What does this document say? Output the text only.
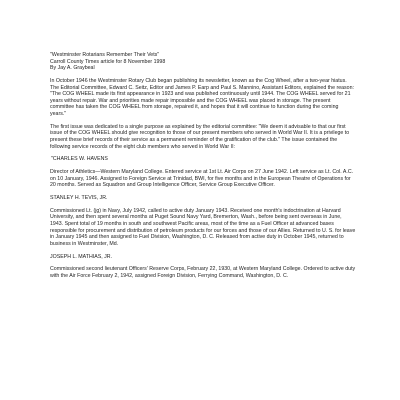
"Westminster Rotarians Remember Their Vets"

Carroll County Times article for 8 November 1998

By Jay A. Graybeal

In October 1946 the Westminster Rotary Club began publishing its newsletter, known as the Cog Wheel, after a two-year hiatus. The Editorial Committee, Edward C. Seitz, Editor and James P. Earp and Paul S. Mannino, Assistant Editors, explained the reason: "The COG WHEEL made its first appearance in 1923 and was published continuously until 1944. The COG WHEEL served for 21 years without repair. War and priorities made repair impossible and the COG WHEEL was placed in storage. The present committee has taken the COG WHEEL from storage, repaired it, and hopes that it will continue to function during the coming years."

The first issue was dedicated to a single purpose as explained by the editorial committee: "We deem it advisable to that our first issue of the COG WHEEL should give recognition to those of our present members who served in World War II. It is a privilege to present these brief records of their service as a permanent reminder of the gratification of the club." The issue contained the following service records of the eight club members who served in World War II:

"CHARLES W. HAVENS

Director of Athletics—Western Maryland College. Entered service at 1st Lt. Air Corps on 27 June 1942. Left service as Lt. Col. A.C. on 10 January, 1946. Assigned to Foreign Service at Trinidad, BWI, for five months and in the European Theatre of Operations for 20 months. Served as Squadron and Group Intelligence Officer, Service Group Executive Officer.

STANLEY H. TEVIS, JR.

Commissioned Lt. (jg) in Navy, July 1942, called to active duty January 1943. Received one month's indoctrination at Harvard University, and then spent several months at Puget Sound Navy Yard, Bremerton, Wash., before being sent overseas in June, 1943. Spent total of 19 months in south and southwest Pacific areas, most of the time as a Fuel Officer at advanced bases responsible for procurement and distribution of petroleum products for our forces and those of our Allies. Returned to U. S. for leave in January 1945 and then assigned to Fuel Division, Washington, D. C. Released from active duty in October 1945, returned to business in Westminster, Md.

JOSEPH L. MATHIAS, JR.

Commissioned second lieutenant Officers' Reserve Corps, February 22, 1930, at Western Maryland College. Ordered to active duty with the Air Force February 2, 1942, assigned Foreign Division, Ferrying Command, Washington, D. C.
